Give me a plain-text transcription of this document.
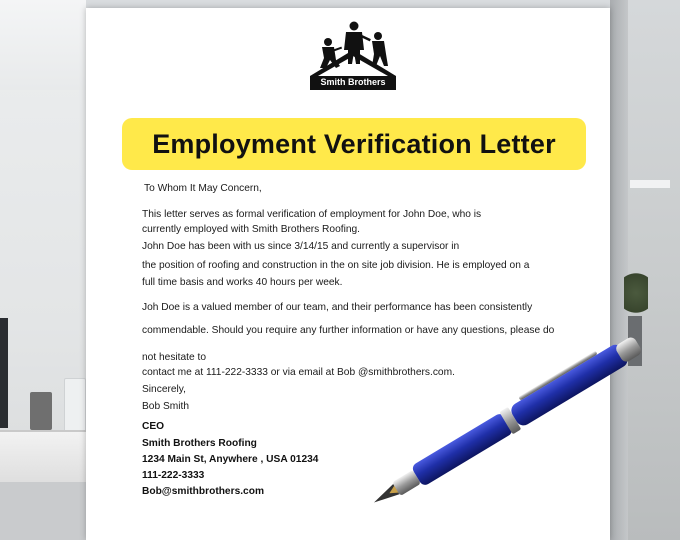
Smith Brothers
Employment Verification Letter
To Whom It May Concern,
This letter serves as formal verification of employment for John Doe, who is
currently employed with Smith Brothers Roofing.
John Doe has been with us since 3/14/15 and currently a supervisor in
the position of roofing and construction in the on site job division. He is employed on a
full time basis and works 40 hours per week.
Joh Doe is a valued member of our team, and their performance has been consistently
commendable. Should you require any further information or have any questions, please do
not hesitate to
contact me at 111-222-3333 or via email at Bob @smithbrothers.com.
Sincerely,
Bob Smith
CEO
Smith Brothers Roofing
1234 Main St, Anywhere , USA 01234
111-222-3333
Bob@smithbrothers.com
